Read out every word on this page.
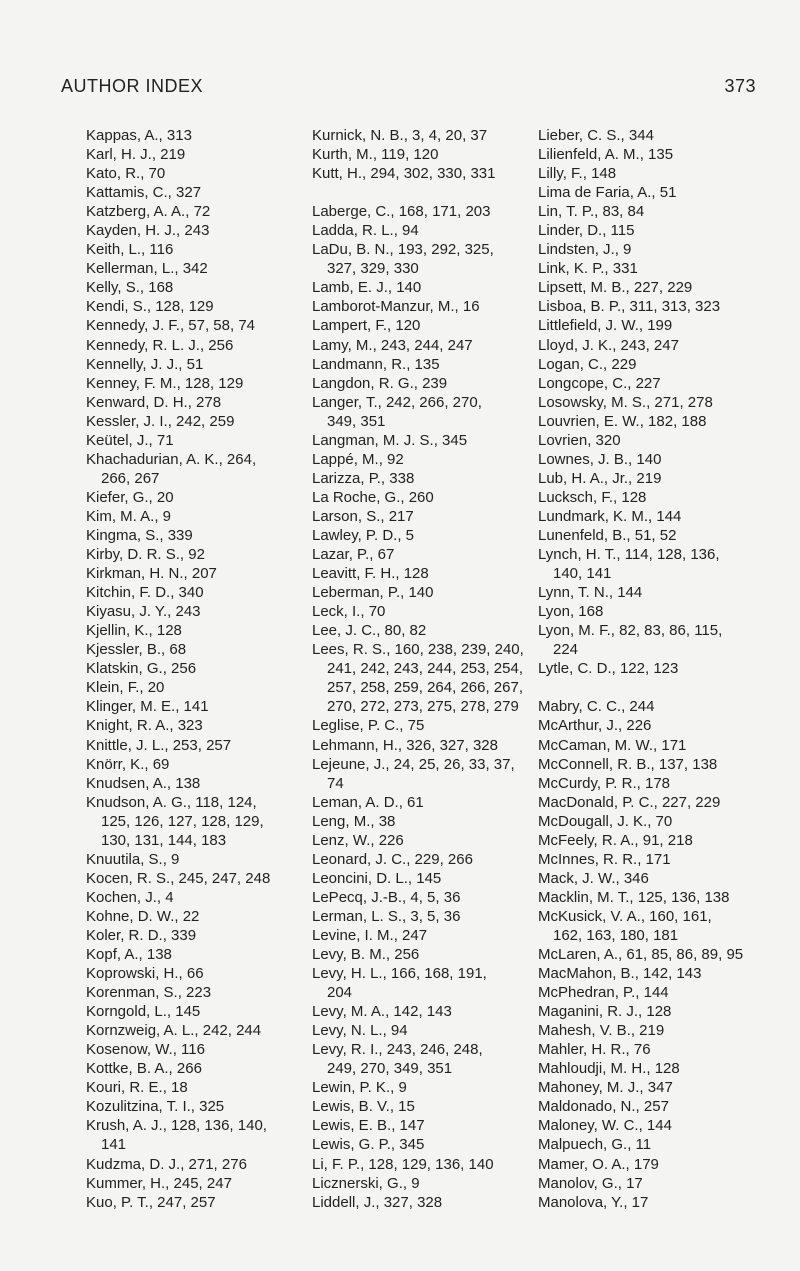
AUTHOR INDEX	373
Kappas, A., 313
Karl, H. J., 219
Kato, R., 70
Kattamis, C., 327
Katzberg, A. A., 72
Kayden, H. J., 243
Keith, L., 116
Kellerman, L., 342
Kelly, S., 168
Kendi, S., 128, 129
Kennedy, J. F., 57, 58, 74
Kennedy, R. L. J., 256
Kennelly, J. J., 51
Kenney, F. M., 128, 129
Kenward, D. H., 278
Kessler, J. I., 242, 259
Keütel, J., 71
Khachadurian, A. K., 264,
266, 267
Kiefer, G., 20
Kim, M. A., 9
Kingma, S., 339
Kirby, D. R. S., 92
Kirkman, H. N., 207
Kitchin, F. D., 340
Kiyasu, J. Y., 243
Kjellin, K., 128
Kjessler, B., 68
Klatskin, G., 256
Klein, F., 20
Klinger, M. E., 141
Knight, R. A., 323
Knittle, J. L., 253, 257
Knörr, K., 69
Knudsen, A., 138
Knudson, A. G., 118, 124,
125, 126, 127, 128, 129,
130, 131, 144, 183
Knuutila, S., 9
Kocen, R. S., 245, 247, 248
Kochen, J., 4
Kohne, D. W., 22
Koler, R. D., 339
Kopf, A., 138
Koprowski, H., 66
Korenman, S., 223
Korngold, L., 145
Kornzweig, A. L., 242, 244
Kosenow, W., 116
Kottke, B. A., 266
Kouri, R. E., 18
Kozulitzina, T. I., 325
Krush, A. J., 128, 136, 140,
141
Kudzma, D. J., 271, 276
Kummer, H., 245, 247
Kuo, P. T., 247, 257
Kurnick, N. B., 3, 4, 20, 37
Kurth, M., 119, 120
Kutt, H., 294, 302, 330, 331
Laberge, C., 168, 171, 203
Ladda, R. L., 94
LaDu, B. N., 193, 292, 325,
327, 329, 330
Lamb, E. J., 140
Lamborot-Manzur, M., 16
Lampert, F., 120
Lamy, M., 243, 244, 247
Landmann, R., 135
Langdon, R. G., 239
Langer, T., 242, 266, 270,
349, 351
Langman, M. J. S., 345
Lappé, M., 92
Larizza, P., 338
La Roche, G., 260
Larson, S., 217
Lawley, P. D., 5
Lazar, P., 67
Leavitt, F. H., 128
Leberman, P., 140
Leck, I., 70
Lee, J. C., 80, 82
Lees, R. S., 160, 238, 239, 240,
241, 242, 243, 244, 253, 254,
257, 258, 259, 264, 266, 267,
270, 272, 273, 275, 278, 279
Leglise, P. C., 75
Lehmann, H., 326, 327, 328
Lejeune, J., 24, 25, 26, 33, 37,
74
Leman, A. D., 61
Leng, M., 38
Lenz, W., 226
Leonard, J. C., 229, 266
Leoncini, D. L., 145
LePecq, J.-B., 4, 5, 36
Lerman, L. S., 3, 5, 36
Levine, I. M., 247
Levy, B. M., 256
Levy, H. L., 166, 168, 191,
204
Levy, M. A., 142, 143
Levy, N. L., 94
Levy, R. I., 243, 246, 248,
249, 270, 349, 351
Lewin, P. K., 9
Lewis, B. V., 15
Lewis, E. B., 147
Lewis, G. P., 345
Li, F. P., 128, 129, 136, 140
Licznerski, G., 9
Liddell, J., 327, 328
Lieber, C. S., 344
Lilienfeld, A. M., 135
Lilly, F., 148
Lima de Faria, A., 51
Lin, T. P., 83, 84
Linder, D., 115
Lindsten, J., 9
Link, K. P., 331
Lipsett, M. B., 227, 229
Lisboa, B. P., 311, 313, 323
Littlefield, J. W., 199
Lloyd, J. K., 243, 247
Logan, C., 229
Longcope, C., 227
Losowsky, M. S., 271, 278
Louvrien, E. W., 182, 188
Lovrien, 320
Lownes, J. B., 140
Lub, H. A., Jr., 219
Lucksch, F., 128
Lundmark, K. M., 144
Lunenfeld, B., 51, 52
Lynch, H. T., 114, 128, 136,
140, 141
Lynn, T. N., 144
Lyon, 168
Lyon, M. F., 82, 83, 86, 115,
224
Lytle, C. D., 122, 123
Mabry, C. C., 244
McArthur, J., 226
McCaman, M. W., 171
McConnell, R. B., 137, 138
McCurdy, P. R., 178
MacDonald, P. C., 227, 229
McDougall, J. K., 70
McFeely, R. A., 91, 218
McInnes, R. R., 171
Mack, J. W., 346
Macklin, M. T., 125, 136, 138
McKusick, V. A., 160, 161,
162, 163, 180, 181
McLaren, A., 61, 85, 86, 89, 95
MacMahon, B., 142, 143
McPhedran, P., 144
Maganini, R. J., 128
Mahesh, V. B., 219
Mahler, H. R., 76
Mahloudji, M. H., 128
Mahoney, M. J., 347
Maldonado, N., 257
Maloney, W. C., 144
Malpuech, G., 11
Mamer, O. A., 179
Manolov, G., 17
Manolova, Y., 17
